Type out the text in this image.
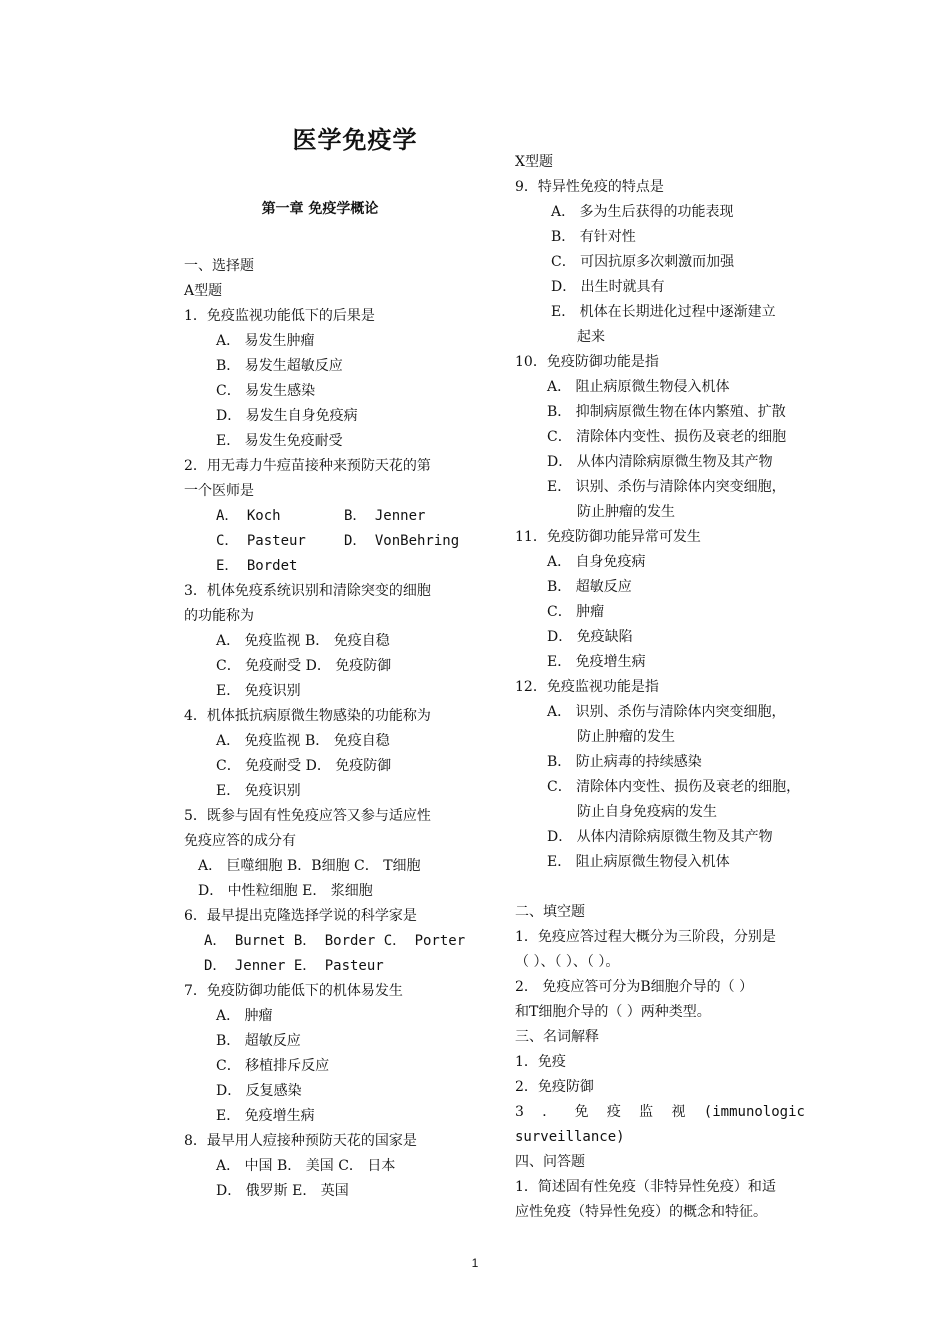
医学免疫学
第一章 免疫学概论
一、选择题
A型题
1．免疫监视功能低下的后果是
A． 易发生肿瘤
B． 易发生超敏反应
C． 易发生感染
D． 易发生自身免疫病
E． 易发生免疫耐受
2．用无毒力牛痘苗接种来预防天花的第
一个医师是
A． Koch	B． Jenner
C． Pasteur	D． VonBehring
E． Bordet
3．机体免疫系统识别和清除突变的细胞
的功能称为
A． 免疫监视 B． 免疫自稳
C． 免疫耐受 D． 免疫防御
E． 免疫识别
4．机体抵抗病原微生物感染的功能称为
A． 免疫监视 B． 免疫自稳
C． 免疫耐受 D． 免疫防御
E． 免疫识别
5．既参与固有性免疫应答又参与适应性
免疫应答的成分有
A． 巨噬细胞 B．B细胞 C． T细胞
D． 中性粒细胞 E． 浆细胞
6．最早提出克隆选择学说的科学家是
A． Burnet B． Border C． Porter
D． Jenner E． Pasteur
7．免疫防御功能低下的机体易发生
A． 肿瘤
B． 超敏反应
C． 移植排斥反应
D． 反复感染
E． 免疫增生病
8．最早用人痘接种预防天花的国家是
A． 中国 B． 美国 C． 日本
D． 俄罗斯 E． 英国
X型题
9．特异性免疫的特点是
A． 多为生后获得的功能表现
B． 有针对性
C． 可因抗原多次刺激而加强
D． 出生时就具有
E． 机体在长期进化过程中逐渐建立
起来
10．免疫防御功能是指
A． 阻止病原微生物侵入机体
B． 抑制病原微生物在体内繁殖、扩散
C． 清除体内变性、损伤及衰老的细胞
D． 从体内清除病原微生物及其产物
E． 识别、杀伤与清除体内突变细胞，
防止肿瘤的发生
11．免疫防御功能异常可发生
A． 自身免疫病
B． 超敏反应
C． 肿瘤
D． 免疫缺陷
E． 免疫增生病
12．免疫监视功能是指
A． 识别、杀伤与清除体内突变细胞，
防止肿瘤的发生
B． 防止病毒的持续感染
C． 清除体内变性、损伤及衰老的细胞，
防止自身免疫病的发生
D． 从体内清除病原微生物及其产物
E． 阻止病原微生物侵入机体
二、填空题
1．免疫应答过程大概分为三阶段，分别是
（ ）、（ ）、（ ）。
2． 免疫应答可分为B细胞介导的（ ）
和T细胞介导的（ ）两种类型。
三、名词解释
1．免疫
2．免疫防御
3 ． 免 疫 监 视 (immunologic
surveillance)
四、问答题
1．简述固有性免疫（非特异性免疫）和适
应性免疫（特异性免疫）的概念和特征。
1
